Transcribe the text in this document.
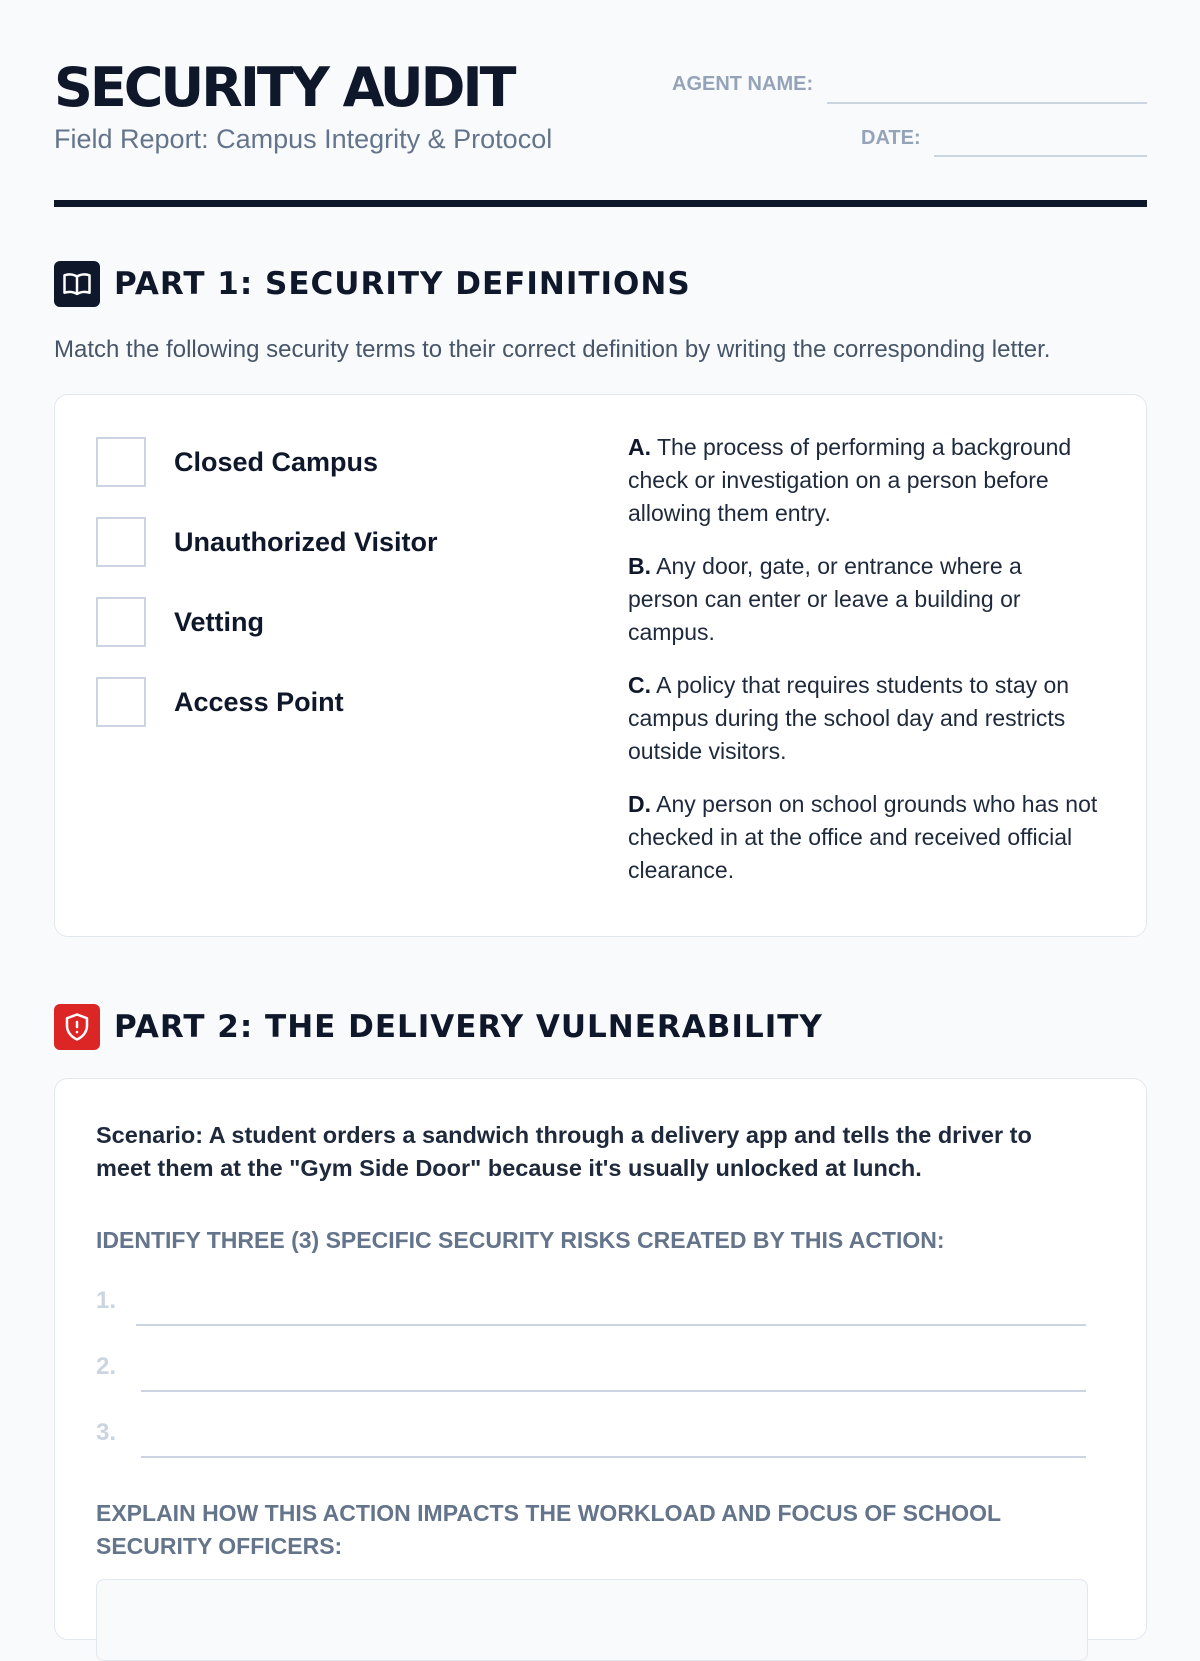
SECURITY AUDIT
Field Report: Campus Integrity & Protocol
AGENT NAME:
DATE:
PART 1: SECURITY DEFINITIONS
Match the following security terms to their correct definition by writing the corresponding letter.
Closed Campus
Unauthorized Visitor
Vetting
Access Point
A. The process of performing a background check or investigation on a person before allowing them entry.
B. Any door, gate, or entrance where a person can enter or leave a building or campus.
C. A policy that requires students to stay on campus during the school day and restricts outside visitors.
D. Any person on school grounds who has not checked in at the office and received official clearance.
PART 2: THE DELIVERY VULNERABILITY
Scenario: A student orders a sandwich through a delivery app and tells the driver to meet them at the "Gym Side Door" because it's usually unlocked at lunch.
IDENTIFY THREE (3) SPECIFIC SECURITY RISKS CREATED BY THIS ACTION:
1.
2.
3.
EXPLAIN HOW THIS ACTION IMPACTS THE WORKLOAD AND FOCUS OF SCHOOL SECURITY OFFICERS:
